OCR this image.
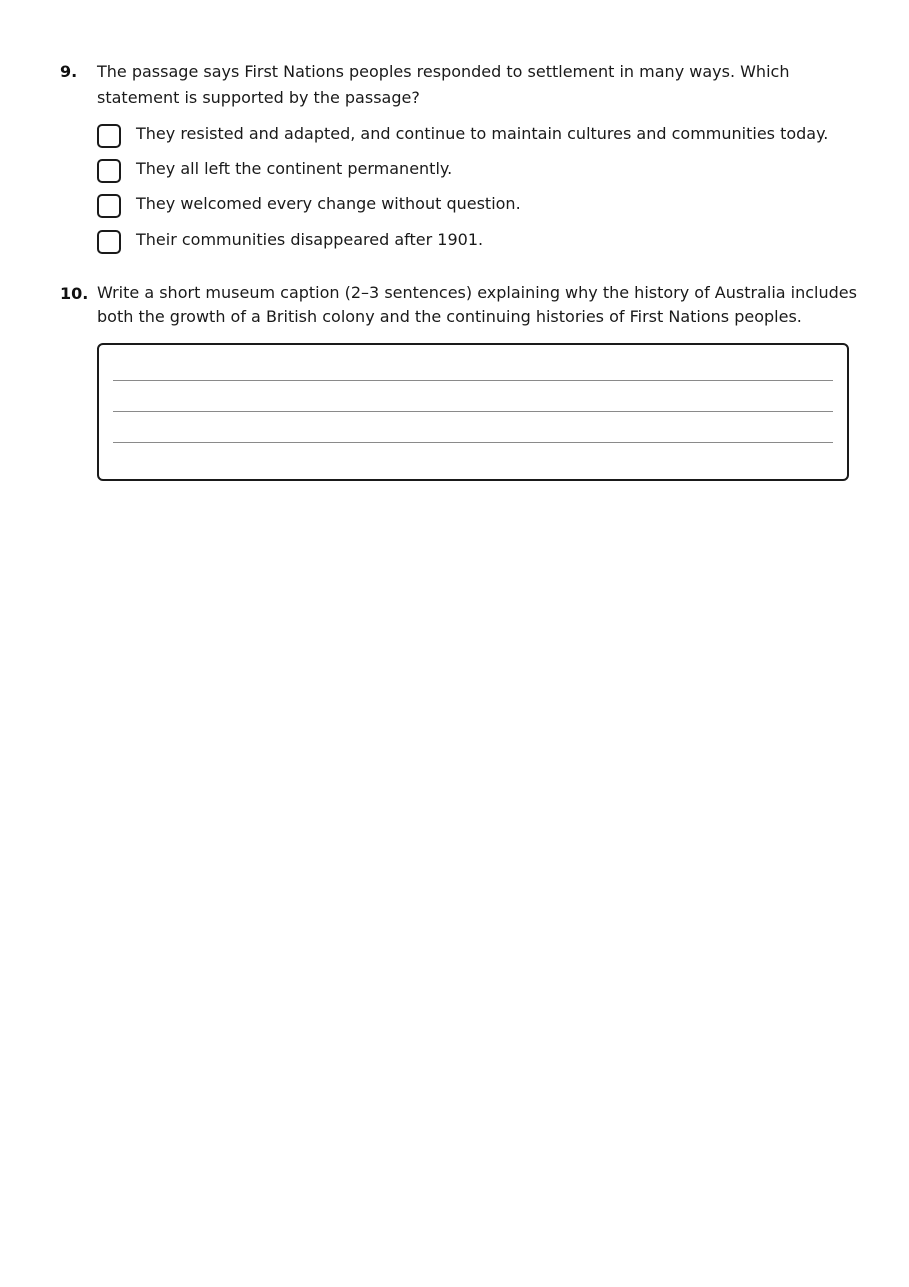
9. The passage says First Nations peoples responded to settlement in many ways. Which statement is supported by the passage?
They resisted and adapted, and continue to maintain cultures and communities today.
They all left the continent permanently.
They welcomed every change without question.
Their communities disappeared after 1901.
10. Write a short museum caption (2–3 sentences) explaining why the history of Australia includes both the growth of a British colony and the continuing histories of First Nations peoples.
